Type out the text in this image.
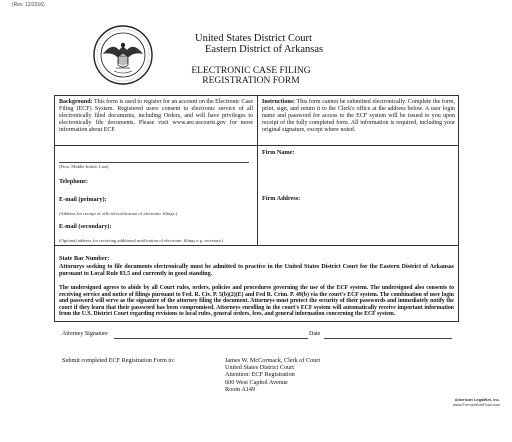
(Rev. 12/2016)
United States District Court
Eastern District of Arkansas
ELECTRONIC CASE FILING
REGISTRATION FORM
Background: This form is used to register for an account on the Electronic Case Filing (ECF) System. Registered users consent to electronic service of all electronically filed documents, including Orders, and will have privileges to electronically file documents. Please visit www.are.uscourts.gov for more information about ECF.
Instructions: This form cannot be submitted electronically. Complete the form, print, sign, and return it to the Clerk's office at the address below. A user login name and password for access to the ECF system will be issued to you upon receipt of the fully completed form. All information is required, including your original signature, except where noted.
(First, Middle Initial, Last)
Telephone:
E-mail (primary):
(Address for receipt of official notification of electronic filings.)
E-mail (secondary):
(Optional address for receiving additional notification of electronic filings e.g. secretary.)
State Bar Number:
Firm Name:
Firm Address:
Attorneys seeking to file documents electronically must be admitted to practice in the United States District Court for the Eastern District of Arkansas pursuant to Local Rule 83.5 and currently in good standing.
The undersigned agrees to abide by all Court rules, orders, policies and procedures governing the use of the ECF system. The undersigned also consents to receiving service and notice of filings pursuant to Fed. R. Civ. P. 5(b)(2)(E) and Fed R. Crim. P. 49(b) via the court's ECF system. The combination of user login and password will serve as the signature of the attorney filing the document. Attorneys must protect the security of their passwords and immediately notify the court if they learn that their password has been compromised. Attorneys enrolling in the court's ECF system will automatically receive important information from the U.S. District Court regarding revisions to local rules, general orders, fees, and general information concerning the ECF system.
Attorney Signature	Date
Submit completed ECF Registration Form to:	James W. McCormack, Clerk of Court
United States District Court
Attention: ECF Registration
600 West Capitol Avenue
Room A149
American LegalNet, Inc.
www.FormsWorkFlow.com
